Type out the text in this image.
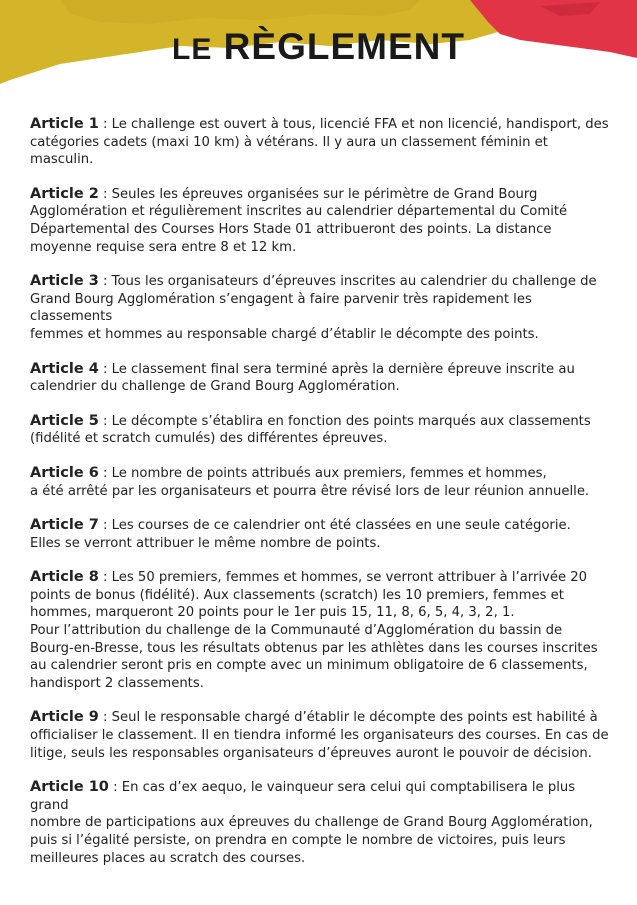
LE RÈGLEMENT

Article 1 : Le challenge est ouvert à tous, licencié FFA et non licencié, handisport, des
catégories cadets (maxi 10 km) à vétérans. Il y aura un classement féminin et masculin.

Article 2 : Seules les épreuves organisées sur le périmètre de Grand Bourg
Agglomération et régulièrement inscrites au calendrier départemental du Comité
Départemental des Courses Hors Stade 01 attribueront des points. La distance
moyenne requise sera entre 8 et 12 km.

Article 3 : Tous les organisateurs d’épreuves inscrites au calendrier du challenge de
Grand Bourg Agglomération s’engagent à faire parvenir très rapidement les classements
femmes et hommes au responsable chargé d’établir le décompte des points.

Article 4 : Le classement final sera terminé après la dernière épreuve inscrite au
calendrier du challenge de Grand Bourg Agglomération.

Article 5 : Le décompte s’établira en fonction des points marqués aux classements
(fidélité et scratch cumulés) des différentes épreuves.

Article 6 : Le nombre de points attribués aux premiers, femmes et hommes,
a été arrêté par les organisateurs et pourra être révisé lors de leur réunion annuelle.

Article 7 : Les courses de ce calendrier ont été classées en une seule catégorie.
Elles se verront attribuer le même nombre de points.

Article 8 : Les 50 premiers, femmes et hommes, se verront attribuer à l’arrivée 20
points de bonus (fidélité). Aux classements (scratch) les 10 premiers, femmes et
hommes, marqueront 20 points pour le 1er puis 15, 11, 8, 6, 5, 4, 3, 2, 1.
Pour l’attribution du challenge de la Communauté d’Agglomération du bassin de
Bourg-en-Bresse, tous les résultats obtenus par les athlètes dans les courses inscrites
au calendrier seront pris en compte avec un minimum obligatoire de 6 classements,
handisport 2 classements.

Article 9 : Seul le responsable chargé d’établir le décompte des points est habilité à
officialiser le classement. Il en tiendra informé les organisateurs des courses. En cas de
litige, seuls les responsables organisateurs d’épreuves auront le pouvoir de décision.

Article 10 : En cas d’ex aequo, le vainqueur sera celui qui comptabilisera le plus grand
nombre de participations aux épreuves du challenge de Grand Bourg Agglomération,
puis si l’égalité persiste, on prendra en compte le nombre de victoires, puis leurs
meilleures places au scratch des courses.
